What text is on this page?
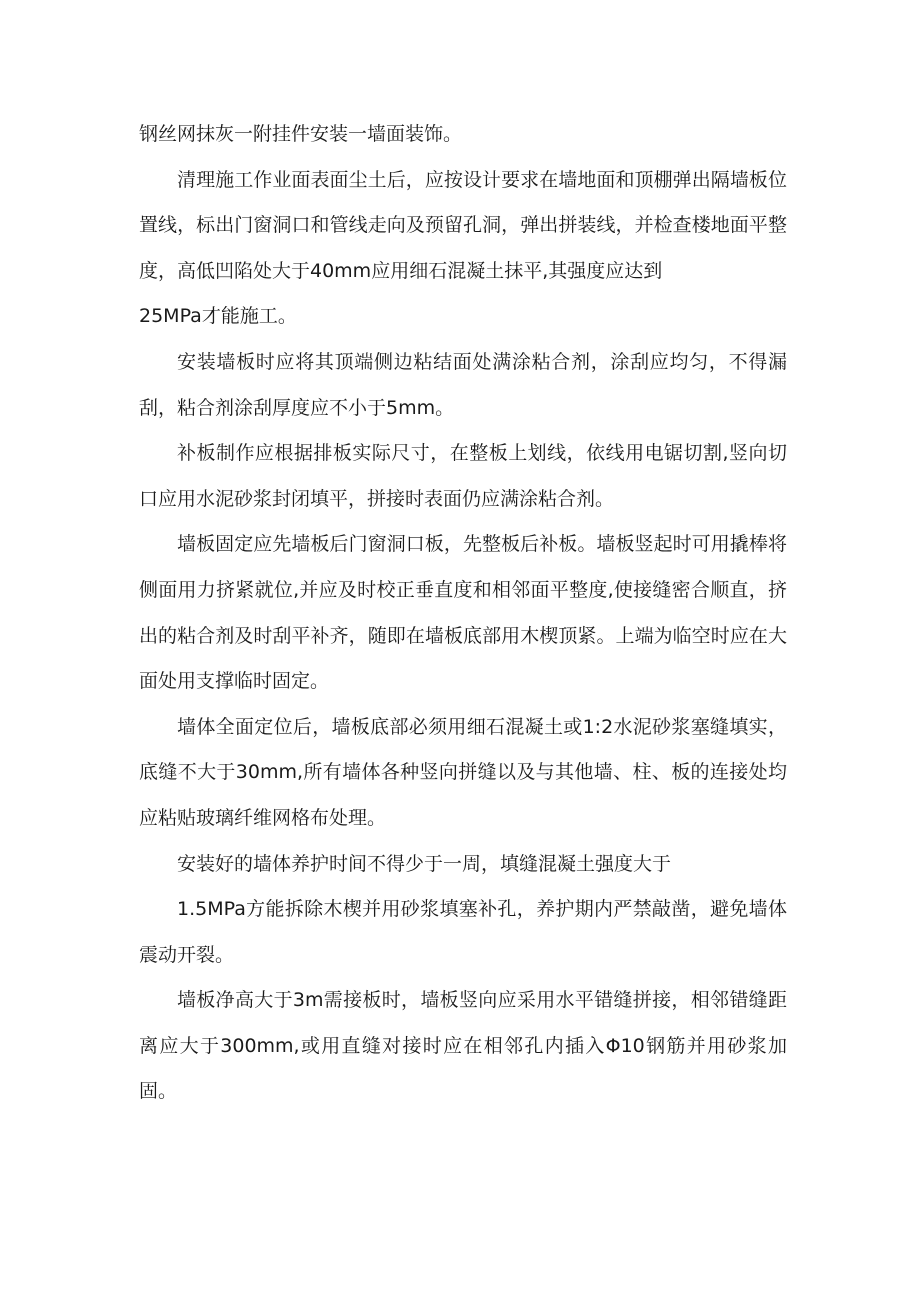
钢丝网抹灰一附挂件安装一墙面装饰。

清理施工作业面表面尘土后，应按设计要求在墙地面和顶棚弹出隔墙板位置线，标出门窗洞口和管线走向及预留孔洞，弹出拼装线，并检查楼地面平整度，高低凹陷处大于40mm应用细石混凝土抹平,其强度应达到

25MPa才能施工。

安装墙板时应将其顶端侧边粘结面处满涂粘合剂，涂刮应均匀，不得漏刮，粘合剂涂刮厚度应不小于5mm。

补板制作应根据排板实际尺寸，在整板上划线，依线用电锯切割,竖向切口应用水泥砂浆封闭填平，拼接时表面仍应满涂粘合剂。

墙板固定应先墙板后门窗洞口板，先整板后补板。墙板竖起时可用撬棒将侧面用力挤紧就位,并应及时校正垂直度和相邻面平整度,使接缝密合顺直，挤出的粘合剂及时刮平补齐，随即在墙板底部用木楔顶紧。上端为临空时应在大面处用支撑临时固定。

墙体全面定位后，墙板底部必须用细石混凝土或1:2水泥砂浆塞缝填实，底缝不大于30mm,所有墙体各种竖向拼缝以及与其他墙、柱、板的连接处均应粘贴玻璃纤维网格布处理。

安装好的墙体养护时间不得少于一周，填缝混凝土强度大于

1.5MPa方能拆除木楔并用砂浆填塞补孔，养护期内严禁敲凿，避免墙体震动开裂。

墙板净高大于3m需接板时，墙板竖向应采用水平错缝拼接，相邻错缝距离应大于300mm,或用直缝对接时应在相邻孔内插入Φ10钢筋并用砂浆加固。
